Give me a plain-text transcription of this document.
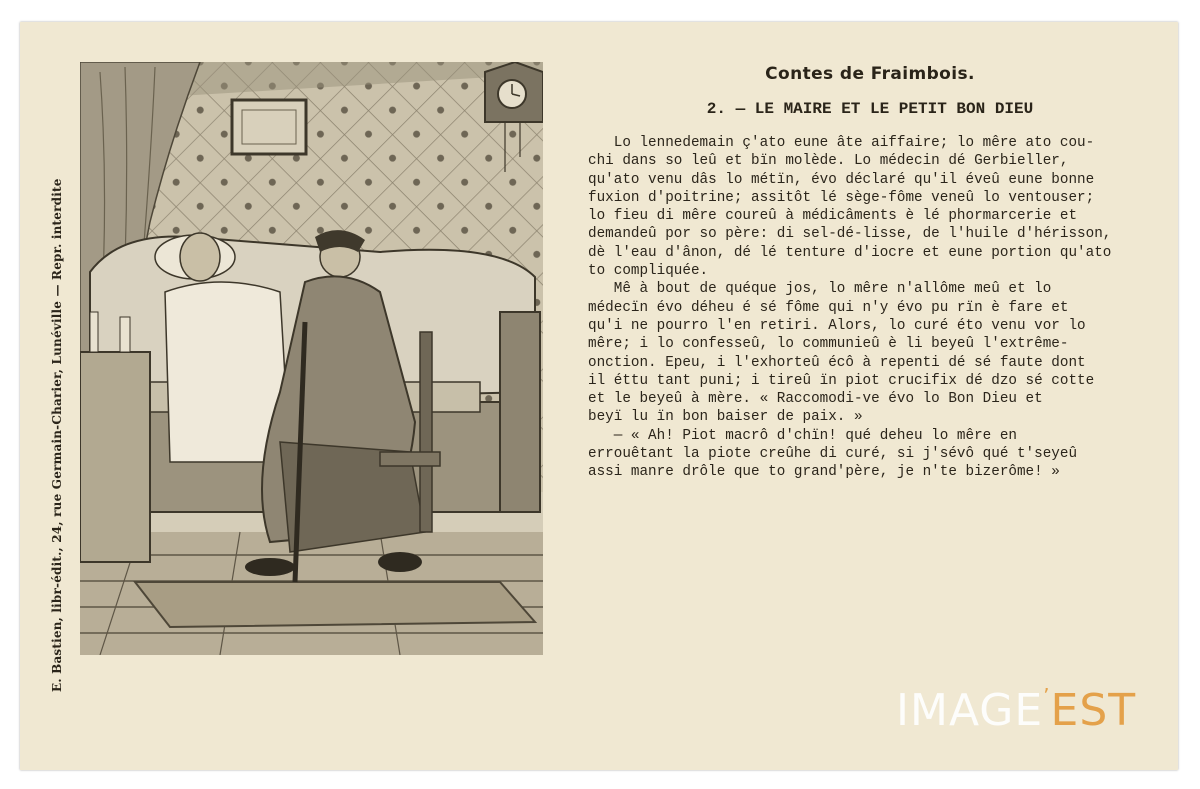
E. Bastien, libr-édit., 24, rue Germain-Charier, Lunéville — Repr. interdite
Contes de Fraimbois.
2. — LE MAIRE ET LE PETIT BON DIEU
Lo lennedemain ç'ato eune âte aiffaire; lo mêre ato cou-
chi dans so leû et bïn molède. Lo médecin dé Gerbieller,
qu'ato venu dâs lo métïn, évo déclaré qu'il éveû eune bonne
fuxion d'poitrine; assitôt lé sège-fôme veneû lo ventouser;
lo fieu di mêre coureû à médicâments è lé phormarcerie et
demandeû por so père: di sel-dé-lisse, de l'huile d'hérisson,
dè l'eau d'ânon, dé lé tenture d'iocre et eune portion qu'ato
to compliquée.
Mê à bout de quéque jos, lo mêre n'allôme meû et lo
médecïn évo déheu é sé fôme qui n'y évo pu rïn è fare et
qu'i ne pourro l'en retiri. Alors, lo curé éto venu vor lo
mêre; i lo confesseû, lo communieû è li beyeû l'extrême-
onction. Epeu, i l'exhorteû écô à repenti dé sé faute dont
il éttu tant puni; i tireû ïn piot crucifix dé dzo sé cotte
et le beyeû à mère. « Raccomodi-ve évo lo Bon Dieu et
beyï lu ïn bon baiser de paix. »
— « Ah! Piot macrô d'chïn! qué deheu lo mêre en
errouêtant la piote creûhe di curé, si j'sévô qué t'seyeû
assi manre drôle que to grand'père, je n'te bizerôme! »
IMAGE’EST
